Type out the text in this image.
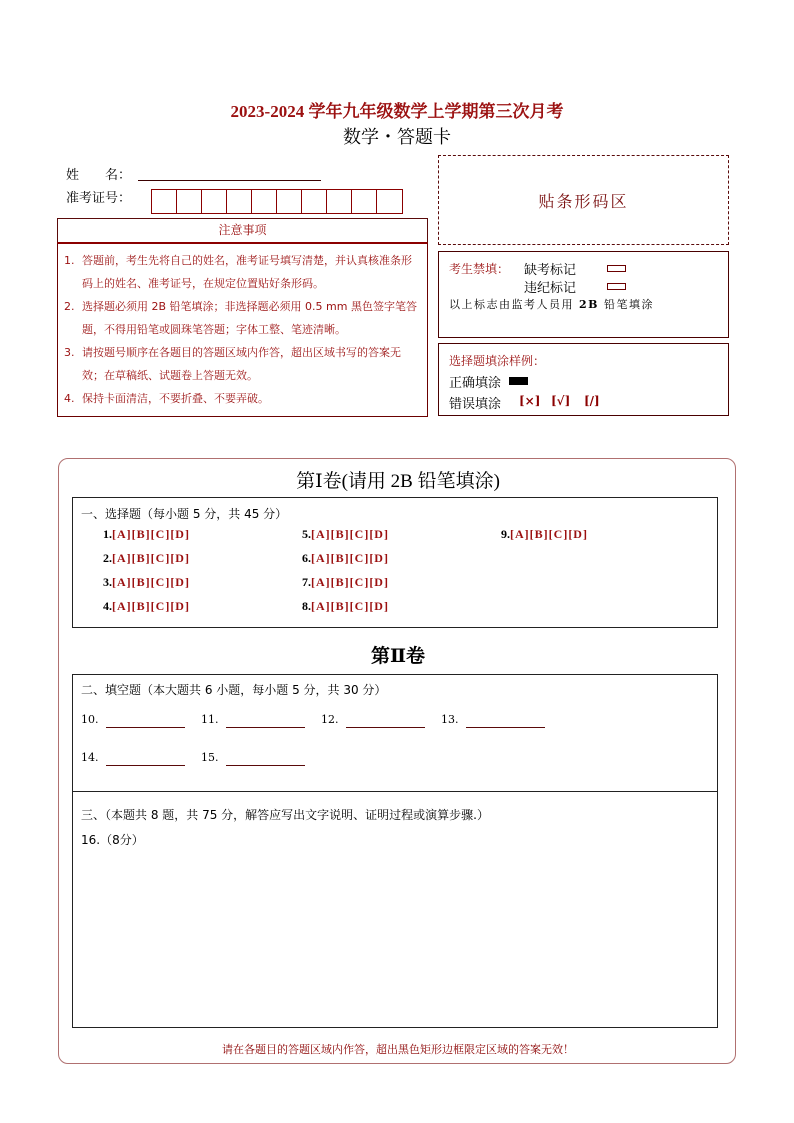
2023-2024 学年九年级数学上学期第三次月考
数学・答题卡
姓　　名：
准考证号：
注意事项
1. 答题前，考生先将自己的姓名，准考证号填写清楚，并认真核准条形码上的姓名、准考证号，在规定位置贴好条形码。
2. 选择题必须用 2B 铅笔填涂；非选择题必须用 0.5 mm 黑色签字笔答题，不得用铅笔或圆珠笔答题；字体工整、笔迹清晰。
3. 请按题号顺序在各题目的答题区域内作答，超出区域书写的答案无效；在草稿纸、试题卷上答题无效。
4. 保持卡面清洁，不要折叠、不要弄破。
贴条形码区
考生禁填： 缺考标记
违纪标记
以上标志由监考人员用 2B 铅笔填涂
选择题填涂样例：
正确填涂
错误填涂 [×] [√] [/]
第Ⅰ卷(请用 2B 铅笔填涂)
一、选择题（每小题 5 分，共 45 分）
1.[A][B][C][D]
2.[A][B][C][D]
3.[A][B][C][D]
4.[A][B][C][D]
5.[A][B][C][D]
6.[A][B][C][D]
7.[A][B][C][D]
8.[A][B][C][D]
9.[A][B][C][D]
第Ⅱ卷
二、填空题（本大题共 6 小题，每小题 5 分，共 30 分）
10.	11.	12.	13.
14.	15.
三、（本题共 8 题，共 75 分，解答应写出文字说明、证明过程或演算步骤.）
16.（8分）
请在各题目的答题区域内作答，超出黑色矩形边框限定区域的答案无效！
